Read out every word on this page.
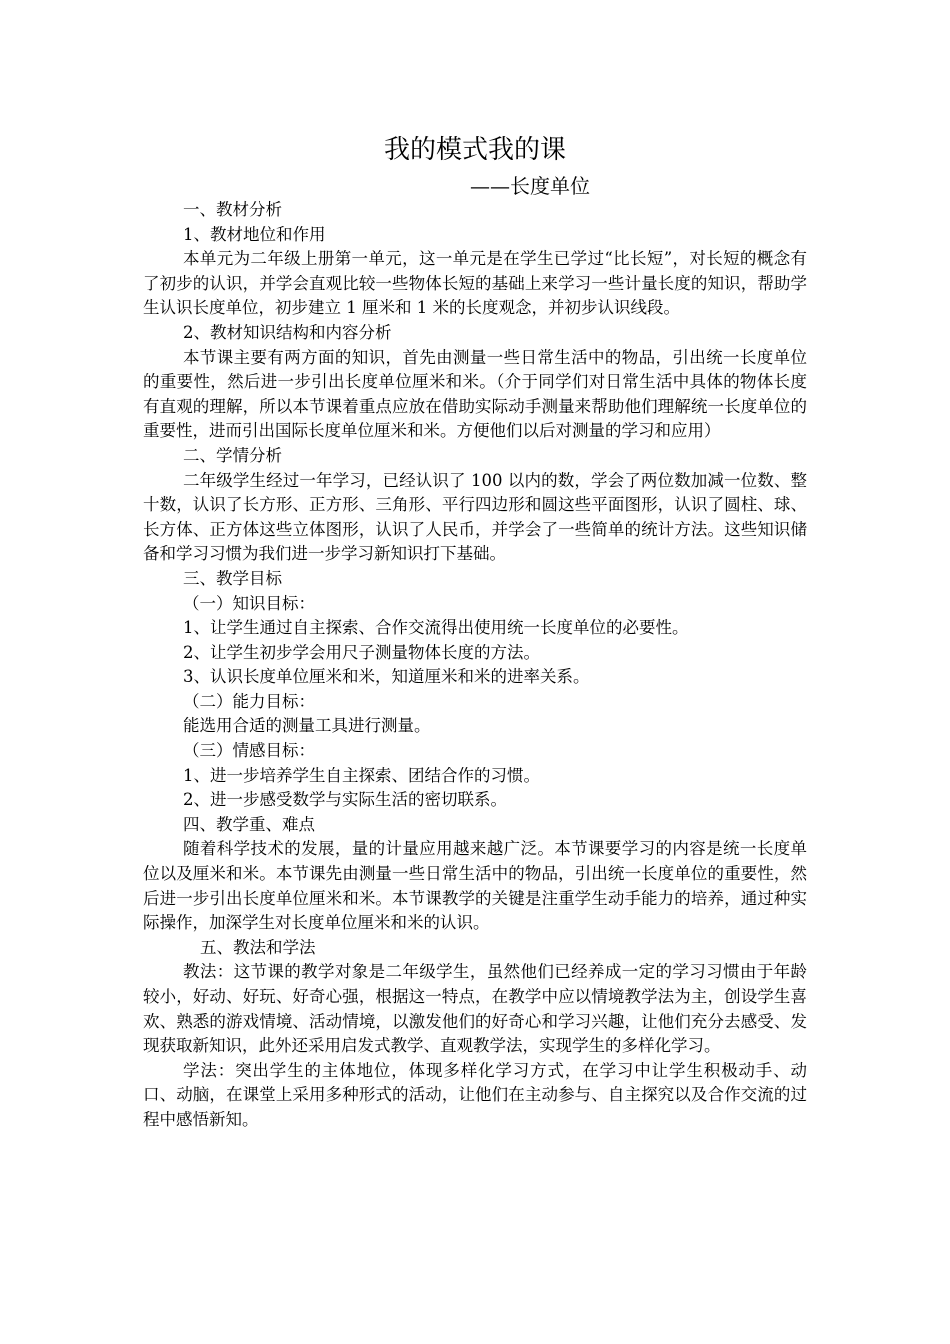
我的模式我的课
——长度单位

一、教材分析

1、教材地位和作用

本单元为二年级上册第一单元，这一单元是在学生已学过“比长短”，对长短的概念有了初步的认识，并学会直观比较一些物体长短的基础上来学习一些计量长度的知识，帮助学生认识长度单位，初步建立 1 厘米和 1 米的长度观念，并初步认识线段。

2、教材知识结构和内容分析

本节课主要有两方面的知识，首先由测量一些日常生活中的物品，引出统一长度单位的重要性，然后进一步引出长度单位厘米和米。（介于同学们对日常生活中具体的物体长度有直观的理解，所以本节课着重点应放在借助实际动手测量来帮助他们理解统一长度单位的重要性，进而引出国际长度单位厘米和米。方便他们以后对测量的学习和应用）

二、学情分析

二年级学生经过一年学习，已经认识了 100 以内的数，学会了两位数加减一位数、整十数，认识了长方形、正方形、三角形、平行四边形和圆这些平面图形，认识了圆柱、球、长方体、正方体这些立体图形，认识了人民币，并学会了一些简单的统计方法。这些知识储备和学习习惯为我们进一步学习新知识打下基础。

三、教学目标

（一）知识目标：

1、让学生通过自主探索、合作交流得出使用统一长度单位的必要性。

2、让学生初步学会用尺子测量物体长度的方法。

3、认识长度单位厘米和米，知道厘米和米的进率关系。

（二）能力目标：

能选用合适的测量工具进行测量。

（三）情感目标：

1、进一步培养学生自主探索、团结合作的习惯。

2、进一步感受数学与实际生活的密切联系。

四、教学重、难点

随着科学技术的发展，量的计量应用越来越广泛。本节课要学习的内容是统一长度单位以及厘米和米。本节课先由测量一些日常生活中的物品，引出统一长度单位的重要性，然后进一步引出长度单位厘米和米。本节课教学的关键是注重学生动手能力的培养，通过种实际操作，加深学生对长度单位厘米和米的认识。

五、教法和学法

教法：这节课的教学对象是二年级学生，虽然他们已经养成一定的学习习惯由于年龄较小，好动、好玩、好奇心强，根据这一特点，在教学中应以情境教学法为主，创设学生喜欢、熟悉的游戏情境、活动情境，以激发他们的好奇心和学习兴趣，让他们充分去感受、发现获取新知识，此外还采用启发式教学、直观教学法，实现学生的多样化学习。

学法：突出学生的主体地位，体现多样化学习方式，在学习中让学生积极动手、动口、动脑，在课堂上采用多种形式的活动，让他们在主动参与、自主探究以及合作交流的过程中感悟新知。
